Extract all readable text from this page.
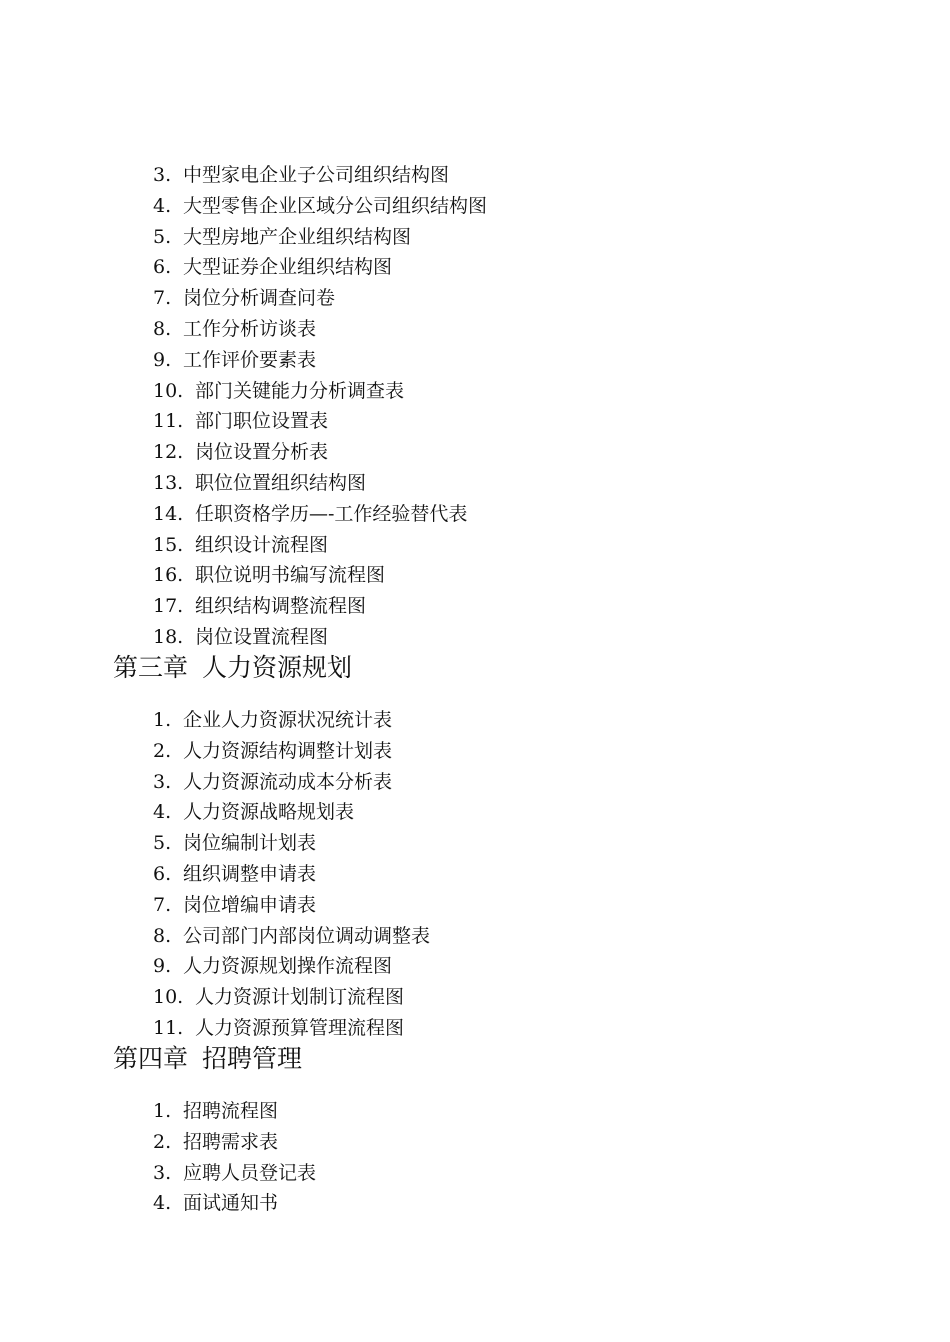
3. 中型家电企业子公司组织结构图
4. 大型零售企业区域分公司组织结构图
5. 大型房地产企业组织结构图
6. 大型证券企业组织结构图
7. 岗位分析调查问卷
8. 工作分析访谈表
9. 工作评价要素表
10. 部门关键能力分析调查表
11. 部门职位设置表
12. 岗位设置分析表
13. 职位位置组织结构图
14. 任职资格学历—-工作经验替代表
15. 组织设计流程图
16. 职位说明书编写流程图
17. 组织结构调整流程图
18. 岗位设置流程图
第三章 人力资源规划
1. 企业人力资源状况统计表
2. 人力资源结构调整计划表
3. 人力资源流动成本分析表
4. 人力资源战略规划表
5. 岗位编制计划表
6. 组织调整申请表
7. 岗位增编申请表
8. 公司部门内部岗位调动调整表
9. 人力资源规划操作流程图
10. 人力资源计划制订流程图
11. 人力资源预算管理流程图
第四章 招聘管理
1. 招聘流程图
2. 招聘需求表
3. 应聘人员登记表
4. 面试通知书
